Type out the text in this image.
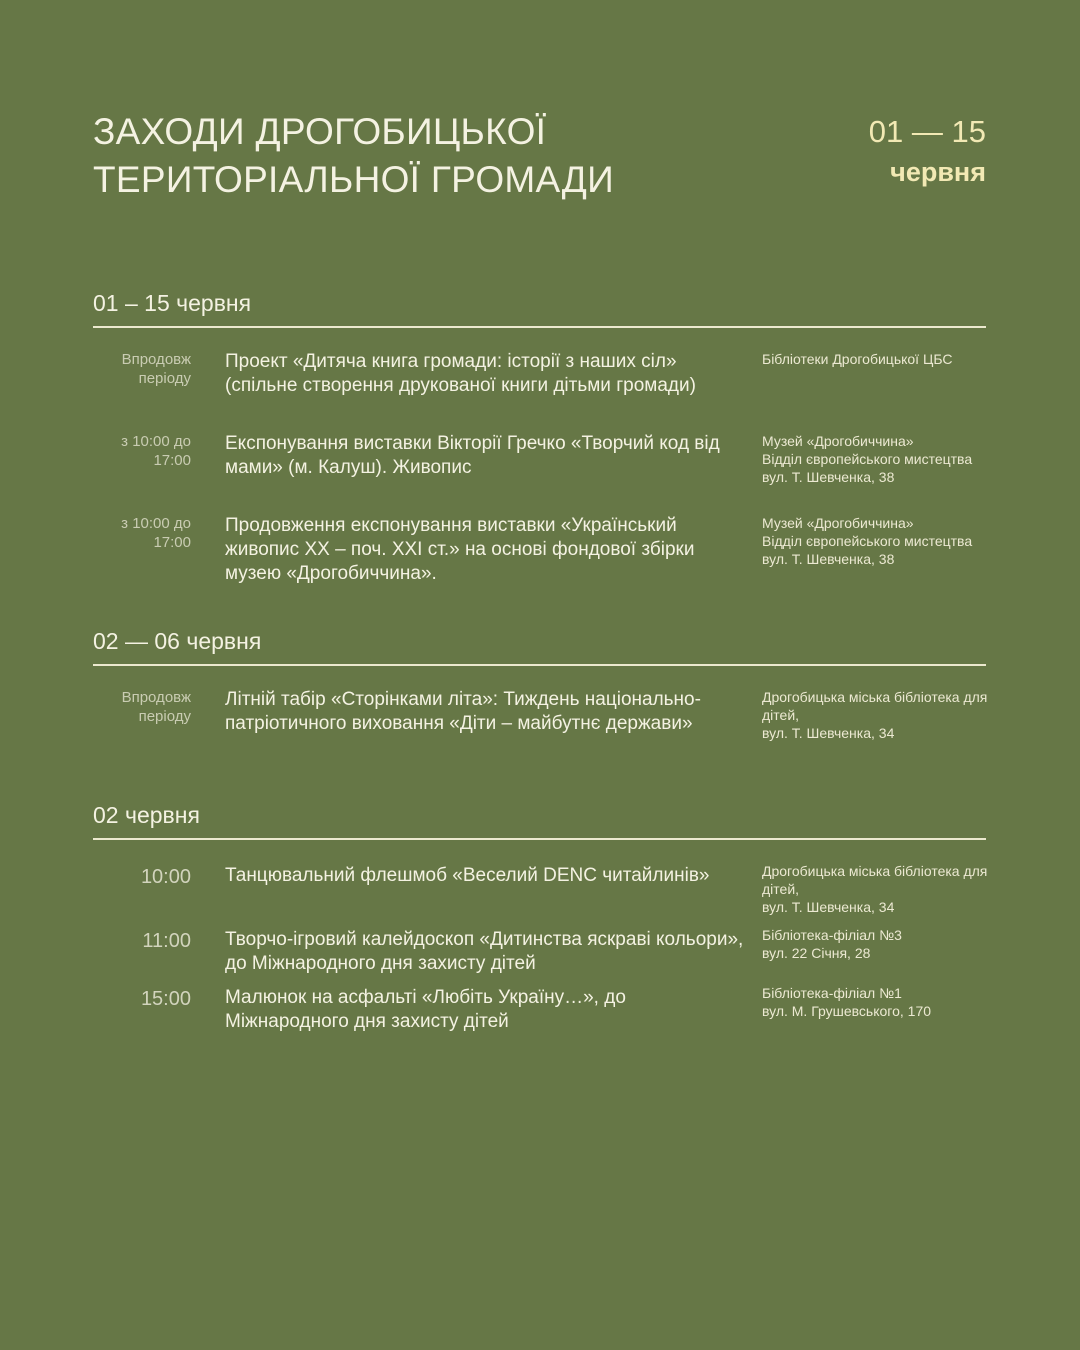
ЗАХОДИ ДРОГОБИЦЬКОЇ
ТЕРИТОРІАЛЬНОЇ ГРОМАДИ
01 — 15
червня
01 – 15 червня
Впродовж періоду
Проект «Дитяча книга громади: історії з наших сіл» (спільне створення друкованої книги дітьми громади)
Бібліотеки Дрогобицької ЦБС
з 10:00 до 17:00
Експонування виставки Вікторії Гречко «Творчий код від мами» (м. Калуш). Живопис
Музей «Дрогобиччина»
Відділ європейського мистецтва
вул. Т. Шевченка, 38
з 10:00 до 17:00
Продовження експонування виставки «Український живопис XX – поч. XXI ст.» на основі фондової збірки музею «Дрогобиччина».
Музей «Дрогобиччина»
Відділ європейського мистецтва
вул. Т. Шевченка, 38
02 — 06 червня
Впродовж періоду
Літній табір «Сторінками літа»: Тиждень національно-патріотичного виховання «Діти – майбутнє держави»
Дрогобицька міська бібліотека для дітей,
вул. Т. Шевченка, 34
02 червня
10:00 Танцювальний флешмоб «Веселий DENС читайлинів»	Дрогобицька міська бібліотека для дітей,
вул. Т. Шевченка, 34
11:00 Творчо-ігровий калейдоскоп «Дитинства яскраві кольори», до Міжнародного дня захисту дітей
Бібліотека-філіал №3
вул. 22 Січня, 28
15:00 Малюнок на асфальті «Любіть Україну…», до Міжнародного дня захисту дітей
Бібліотека-філіал №1
вул. М. Грушевського, 170
